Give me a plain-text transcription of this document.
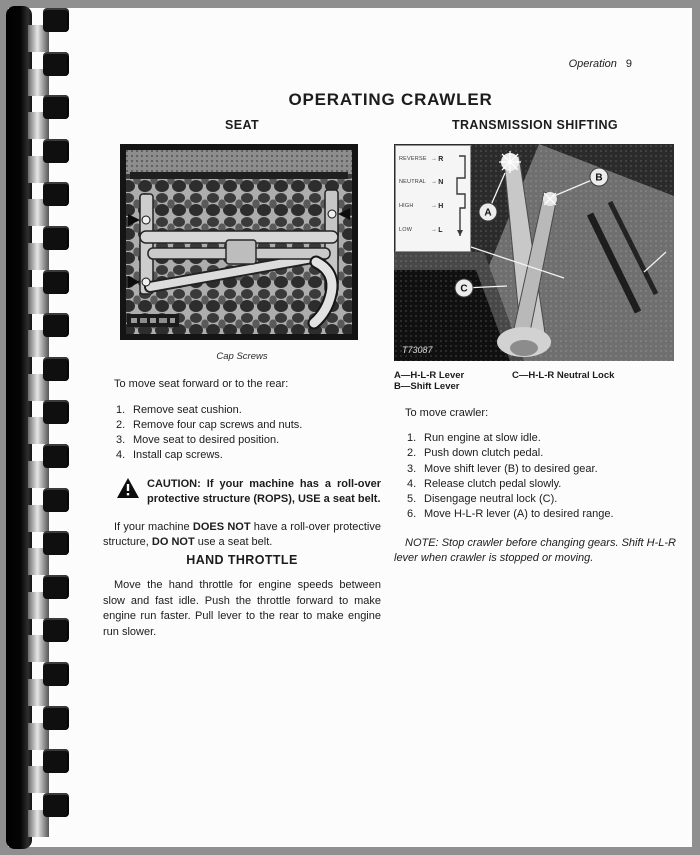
Operation 9
OPERATING CRAWLER
SEAT
Cap Screws

To move seat forward or to the rear:

Remove seat cushion.
Remove four cap screws and nuts.
Move seat to desired position.
Install cap screws.

CAUTION: If your machine has a roll-over protective structure (ROPS), USE a seat belt.

If your machine DOES NOT have a roll-over protective structure, DO NOT use a seat belt.

HAND THROTTLE

Move the hand throttle for engine speeds between slow and fast idle. Push the throttle forward to make engine run faster. Pull lever to the rear to make engine run slower.

TRANSMISSION SHIFTING
A
B
C
T73087
REVERSE → R
NEUTRAL → N
HIGH	→ H
LOW	→ L
A—H-L-R Lever
B—Shift Lever
C—H-L-R Neutral Lock

To move crawler:

Run engine at slow idle.
Push down clutch pedal.
Move shift lever (B) to desired gear.
Release clutch pedal slowly.
Disengage neutral lock (C).
Move H-L-R lever (A) to desired range.

NOTE: Stop crawler before changing gears. Shift H-L-R lever when crawler is stopped or moving.
